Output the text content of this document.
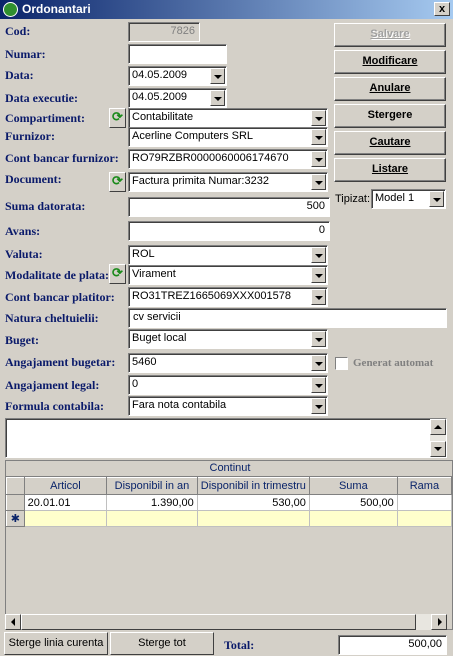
Ordonantari	x
Cod:	7826
Numar:
Data:	04.05.2009
Data executie:	04.05.2009
Compartiment: ⟳ Contabilitate
Furnizor:	Acerline Computers SRL
Cont bancar furnizor:	RO79RZBR0000060006174670
Document:	⟳ Factura primita Numar:3232
Suma datorata:	500
Avans:	0
Valuta:	ROL
Modalitate de plata: ⟳ Virament
Cont bancar platitor:	RO31TREZ1665069XXX001578
Natura cheltuielii:	cv servicii
Buget:	Buget local
Angajament bugetar:	5460
Angajament legal:	0
Formula contabila:	Fara nota contabila
Salvare
Modificare
Anulare
Stergere
Cautare
Listare
Tipizat: Model 1
Generat automat
Continut
	Articol	Disponibil in an	Disponibil in trimestru	Suma	Rama
	20.01.01	1.390,00	530,00	500,00	
✱					
Sterge linia curenta	Sterge tot	Total:	500,00
